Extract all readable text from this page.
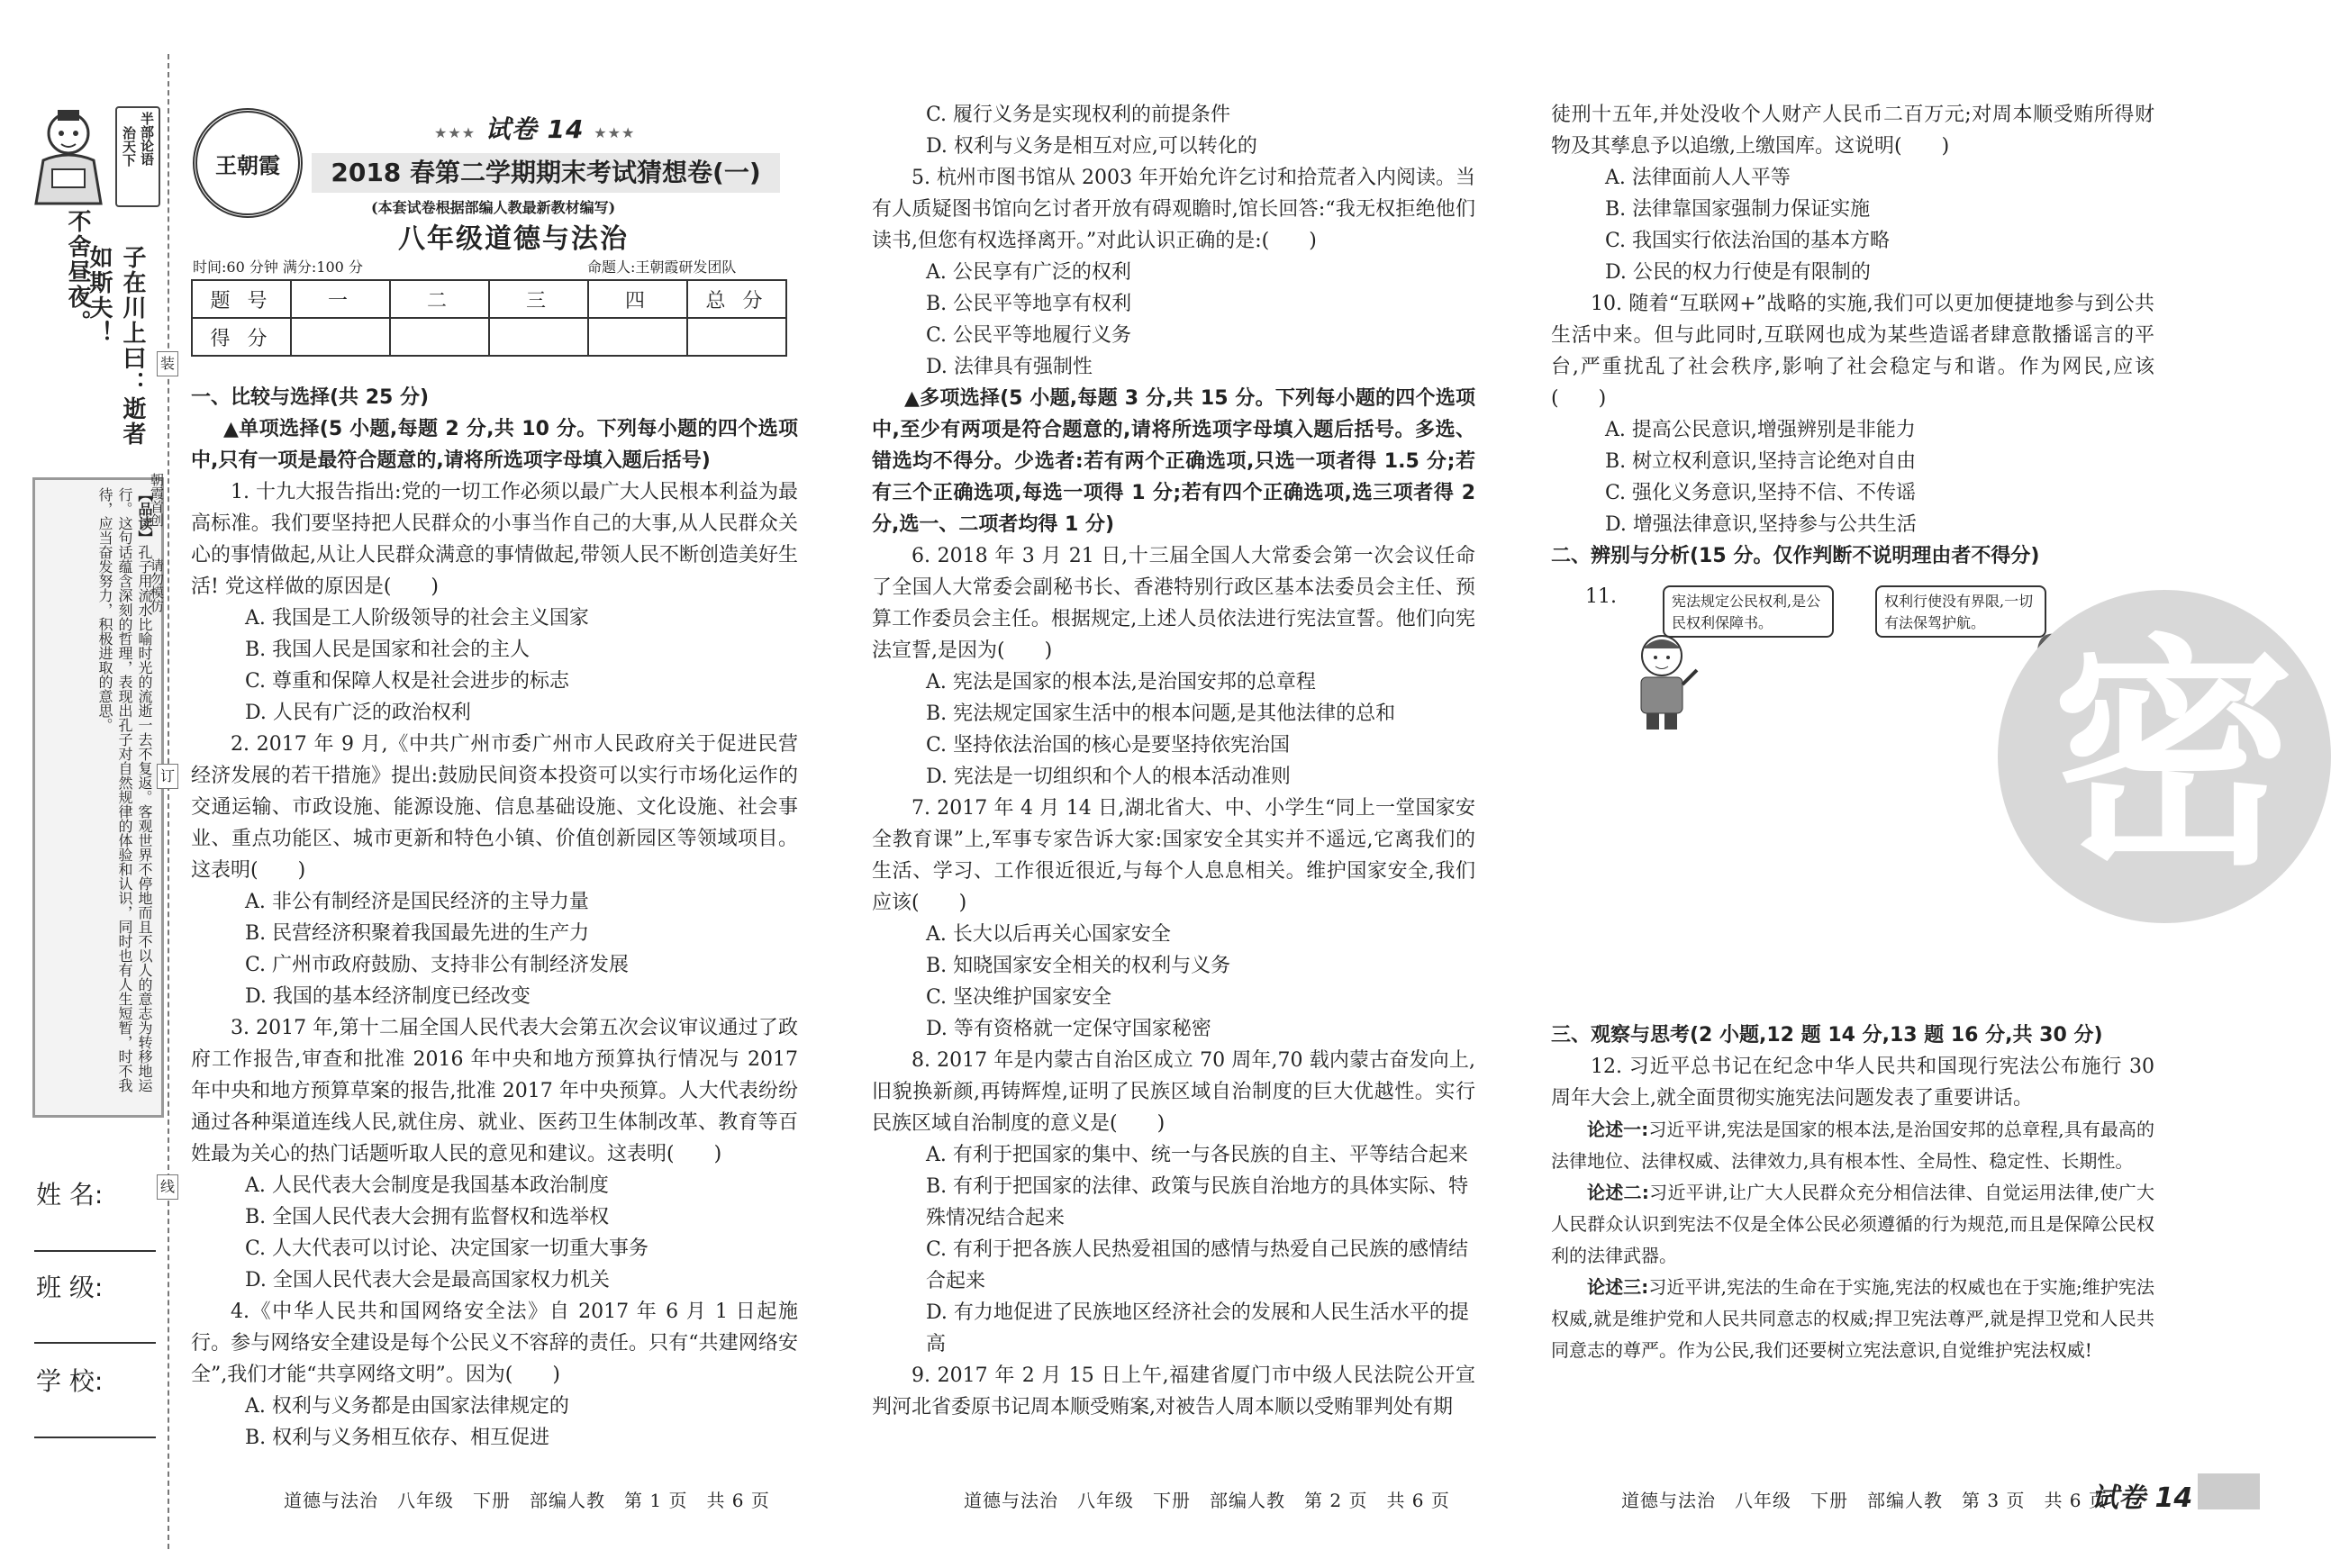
半部论语
治天下
子在川上曰：逝者如斯夫！
不舍昼夜。
【品读】孔子用流水比喻时光的流逝一去不复返。客观世界不停地而且不以人的意志为转移地运行。这句话蕴含深刻的哲理，表现出孔子对自然规律的体验和认识，同时也有人生短暂，时不我待，应当奋发努力，积极进取的意思。
姓 名:
班 级:
学 校:
装
订
线
朝霞首创
请勿模仿
王朝霞
★★★ 试卷 14 ★★★
2018 春第二学期期末考试猜想卷(一)
(本套试卷根据部编人教最新教材编写)
八年级道德与法治
时间:60 分钟 满分:100 分	命题人:王朝霞研发团队
题 号	一	二	三	四	总 分
得 分					

一、比较与选择(共 25 分)

▲单项选择(5 小题,每题 2 分,共 10 分。下列每小题的四个选项中,只有一项是最符合题意的,请将所选项字母填入题后括号)

1. 十九大报告指出:党的一切工作必须以最广大人民根本利益为最高标准。我们要坚持把人民群众的小事当作自己的大事,从人民群众关心的事情做起,从让人民群众满意的事情做起,带领人民不断创造美好生活! 党这样做的原因是(　　)

A. 我国是工人阶级领导的社会主义国家

B. 我国人民是国家和社会的主人

C. 尊重和保障人权是社会进步的标志

D. 人民有广泛的政治权利

2. 2017 年 9 月,《中共广州市委广州市人民政府关于促进民营经济发展的若干措施》提出:鼓励民间资本投资可以实行市场化运作的交通运输、市政设施、能源设施、信息基础设施、文化设施、社会事业、重点功能区、城市更新和特色小镇、价值创新园区等领域项目。这表明(　　)

A. 非公有制经济是国民经济的主导力量

B. 民营经济积聚着我国最先进的生产力

C. 广州市政府鼓励、支持非公有制经济发展

D. 我国的基本经济制度已经改变

3. 2017 年,第十二届全国人民代表大会第五次会议审议通过了政府工作报告,审查和批准 2016 年中央和地方预算执行情况与 2017 年中央和地方预算草案的报告,批准 2017 年中央预算。人大代表纷纷通过各种渠道连线人民,就住房、就业、医药卫生体制改革、教育等百姓最为关心的热门话题听取人民的意见和建议。这表明(　　)

A. 人民代表大会制度是我国基本政治制度

B. 全国人民代表大会拥有监督权和选举权

C. 人大代表可以讨论、决定国家一切重大事务

D. 全国人民代表大会是最高国家权力机关

4.《中华人民共和国网络安全法》自 2017 年 6 月 1 日起施行。参与网络安全建设是每个公民义不容辞的责任。只有“共建网络安全”,我们才能“共享网络文明”。因为(　　)

A. 权利与义务都是由国家法律规定的

B. 权利与义务相互依存、相互促进

道德与法治　八年级　下册　部编人教　第 1 页　共 6 页

C. 履行义务是实现权利的前提条件

D. 权利与义务是相互对应,可以转化的

5. 杭州市图书馆从 2003 年开始允许乞讨和拾荒者入内阅读。当有人质疑图书馆向乞讨者开放有碍观瞻时,馆长回答:“我无权拒绝他们读书,但您有权选择离开。”对此认识正确的是:(　　)

A. 公民享有广泛的权利

B. 公民平等地享有权利

C. 公民平等地履行义务

D. 法律具有强制性

▲多项选择(5 小题,每题 3 分,共 15 分。下列每小题的四个选项中,至少有两项是符合题意的,请将所选项字母填入题后括号。多选、错选均不得分。少选者:若有两个正确选项,只选一项者得 1.5 分;若有三个正确选项,每选一项得 1 分;若有四个正确选项,选三项者得 2 分,选一、二项者均得 1 分)

6. 2018 年 3 月 21 日,十三届全国人大常委会第一次会议任命了全国人大常委会副秘书长、香港特别行政区基本法委员会主任、预算工作委员会主任。根据规定,上述人员依法进行宪法宣誓。他们向宪法宣誓,是因为(　　)

A. 宪法是国家的根本法,是治国安邦的总章程

B. 宪法规定国家生活中的根本问题,是其他法律的总和

C. 坚持依法治国的核心是要坚持依宪治国

D. 宪法是一切组织和个人的根本活动准则

7. 2017 年 4 月 14 日,湖北省大、中、小学生“同上一堂国家安全教育课”上,军事专家告诉大家:国家安全其实并不遥远,它离我们的生活、学习、工作很近很近,与每个人息息相关。维护国家安全,我们应该(　　)

A. 长大以后再关心国家安全

B. 知晓国家安全相关的权利与义务

C. 坚决维护国家安全

D. 等有资格就一定保守国家秘密

8. 2017 年是内蒙古自治区成立 70 周年,70 载内蒙古奋发向上,旧貌换新颜,再铸辉煌,证明了民族区域自治制度的巨大优越性。实行民族区域自治制度的意义是(　　)

A. 有利于把国家的集中、统一与各民族的自主、平等结合起来

B. 有利于把国家的法律、政策与民族自治地方的具体实际、特殊情况结合起来

C. 有利于把各族人民热爱祖国的感情与热爱自己民族的感情结合起来

D. 有力地促进了民族地区经济社会的发展和人民生活水平的提高

9. 2017 年 2 月 15 日上午,福建省厦门市中级人民法院公开宣判河北省委原书记周本顺受贿案,对被告人周本顺以受贿罪判处有期

道德与法治　八年级　下册　部编人教　第 2 页　共 6 页

徒刑十五年,并处没收个人财产人民币二百万元;对周本顺受贿所得财物及其孳息予以追缴,上缴国库。这说明(　　)

A. 法律面前人人平等

B. 法律靠国家强制力保证实施

C. 我国实行依法治国的基本方略

D. 公民的权力行使是有限制的

10. 随着“互联网+”战略的实施,我们可以更加便捷地参与到公共生活中来。但与此同时,互联网也成为某些造谣者肆意散播谣言的平台,严重扰乱了社会秩序,影响了社会稳定与和谐。作为网民,应该(　　)

A. 提高公民意识,增强辨别是非能力

B. 树立权利意识,坚持言论绝对自由

C. 强化义务意识,坚持不信、不传谣

D. 增强法律意识,坚持参与公共生活

二、辨别与分析(15 分。仅作判断不说明理由者不得分)

11.	宪法规定公民权利,是公民权利保障书。
权利行使没有界限,一切有法保驾护航。 密

三、观察与思考(2 小题,12 题 14 分,13 题 16 分,共 30 分)

12. 习近平总书记在纪念中华人民共和国现行宪法公布施行 30 周年大会上,就全面贯彻实施宪法问题发表了重要讲话。

论述一:习近平讲,宪法是国家的根本法,是治国安邦的总章程,具有最高的法律地位、法律权威、法律效力,具有根本性、全局性、稳定性、长期性。

论述二:习近平讲,让广大人民群众充分相信法律、自觉运用法律,使广大人民群众认识到宪法不仅是全体公民必须遵循的行为规范,而且是保障公民权利的法律武器。

论述三:习近平讲,宪法的生命在于实施,宪法的权威也在于实施;维护宪法权威,就是维护党和人民共同意志的权威;捍卫宪法尊严,就是捍卫党和人民共同意志的尊严。作为公民,我们还要树立宪法意识,自觉维护宪法权威!

道德与法治　八年级　下册　部编人教　第 3 页　共 6 页
试卷 14
